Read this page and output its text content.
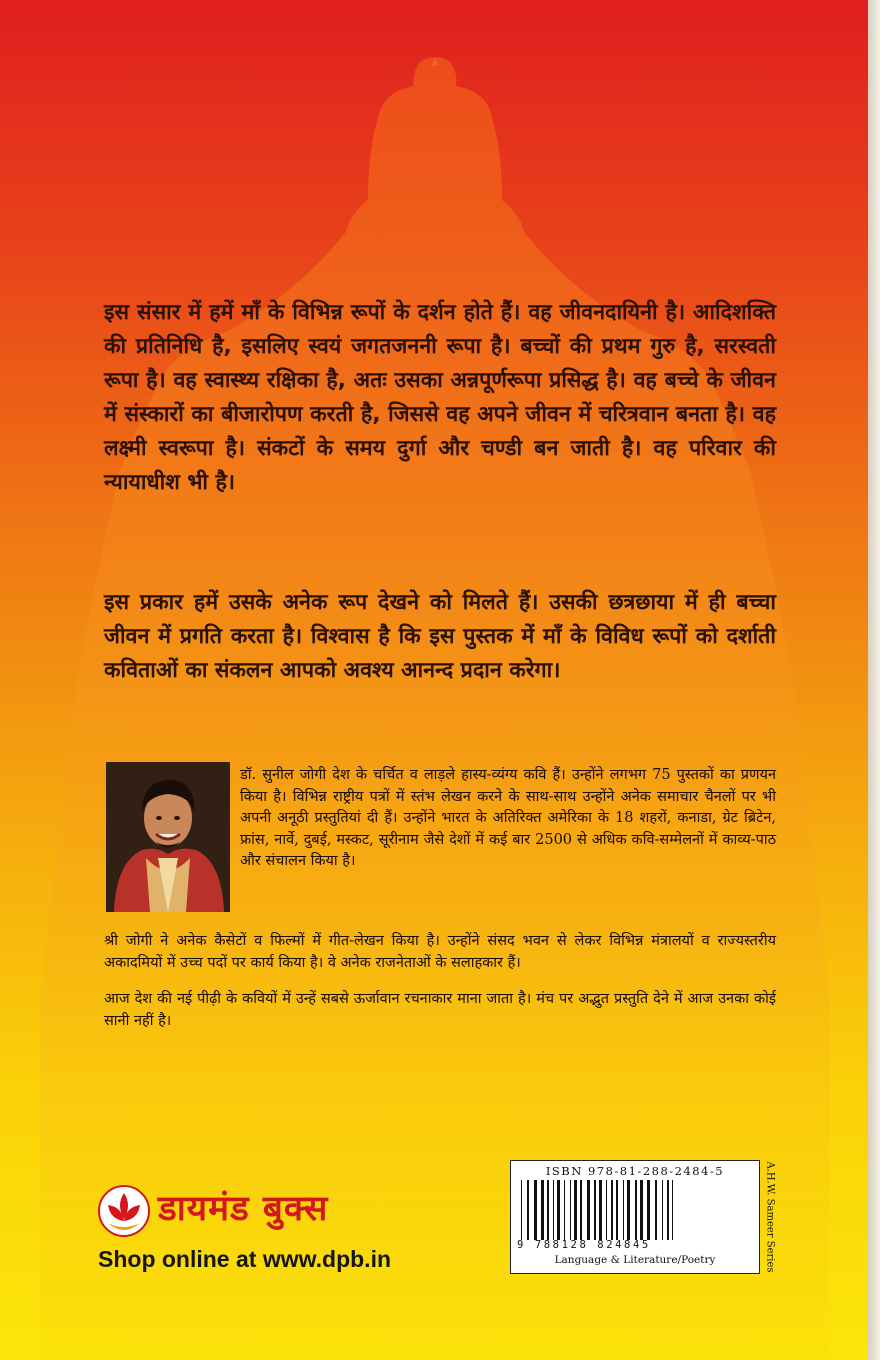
इस संसार में हमें माँ के विभिन्न रूपों के दर्शन होते हैं। वह जीवनदायिनी है। आदिशक्ति की प्रतिनिधि है, इसलिए स्वयं जगतजननी रूपा है। बच्चों की प्रथम गुरु है, सरस्वती रूपा है। वह स्वास्थ्य रक्षिका है, अतः उसका अन्नपूर्णरूपा प्रसिद्ध है। वह बच्चे के जीवन में संस्कारों का बीजारोपण करती है, जिससे वह अपने जीवन में चरित्रवान बनता है। वह लक्ष्मी स्वरूपा है। संकटों के समय दुर्गा और चण्डी बन जाती है। वह परिवार की न्यायाधीश भी है।

इस प्रकार हमें उसके अनेक रूप देखने को मिलते हैं। उसकी छत्रछाया में ही बच्चा जीवन में प्रगति करता है। विश्वास है कि इस पुस्तक में माँ के विविध रूपों को दर्शाती कविताओं का संकलन आपको अवश्य आनन्द प्रदान करेगा।

डॉ. सुनील जोगी देश के चर्चित व लाड़ले हास्य-व्यंग्य कवि हैं। उन्होंने लगभग 75 पुस्तकों का प्रणयन किया है। विभिन्न राष्ट्रीय पत्रों में स्तंभ लेखन करने के साथ-साथ उन्होंने अनेक समाचार चैनलों पर भी अपनी अनूठी प्रस्तुतियां दी हैं। उन्होंने भारत के अतिरिक्त अमेरिका के 18 शहरों, कनाडा, ग्रेट ब्रिटेन, फ्रांस, नार्वे, दुबई, मस्कट, सूरीनाम जैसे देशों में कई बार 2500 से अधिक कवि-सम्मेलनों में काव्य-पाठ और संचालन किया है।

श्री जोगी ने अनेक कैसेटों व फिल्मों में गीत-लेखन किया है। उन्होंने संसद भवन से लेकर विभिन्न मंत्रालयों व राज्यस्तरीय अकादमियों में उच्च पदों पर कार्य किया है। वे अनेक राजनेताओं के सलाहकार हैं।

आज देश की नई पीढ़ी के कवियों में उन्हें सबसे ऊर्जावान रचनाकार माना जाता है। मंच पर अद्भुत प्रस्तुति देने में आज उनका कोई सानी नहीं है।

डायमंड बुक्स
Shop online at www.dpb.in
ISBN 978-81-288-2484-5
9 788128 824845
Language & Literature/Poetry	A.H.W. Sameer Series
